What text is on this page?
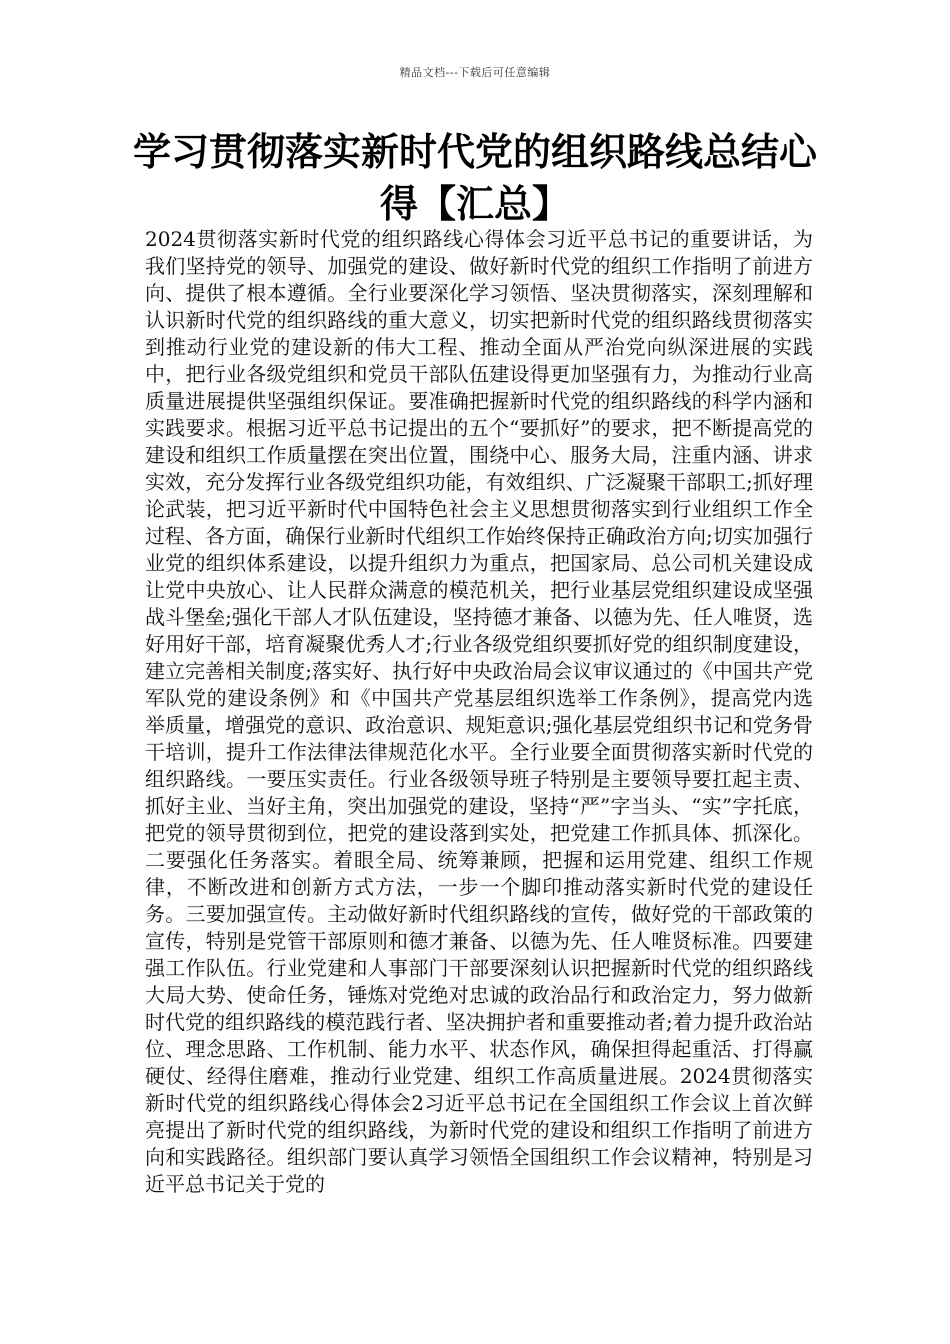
精品文档---下载后可任意编辑
学习贯彻落实新时代党的组织路线总结心得【汇总】

2024贯彻落实新时代党的组织路线心得体会习近平总书记的重要讲话，为我们坚持党的领导、加强党的建设、做好新时代党的组织工作指明了前进方向、提供了根本遵循。全行业要深化学习领悟、坚决贯彻落实，深刻理解和认识新时代党的组织路线的重大意义，切实把新时代党的组织路线贯彻落实到推动行业党的建设新的伟大工程、推动全面从严治党向纵深进展的实践中，把行业各级党组织和党员干部队伍建设得更加坚强有力，为推动行业高质量进展提供坚强组织保证。要准确把握新时代党的组织路线的科学内涵和实践要求。根据习近平总书记提出的五个“要抓好”的要求，把不断提高党的建设和组织工作质量摆在突出位置，围绕中心、服务大局，注重内涵、讲求实效，充分发挥行业各级党组织功能，有效组织、广泛凝聚干部职工;抓好理论武装，把习近平新时代中国特色社会主义思想贯彻落实到行业组织工作全过程、各方面，确保行业新时代组织工作始终保持正确政治方向;切实加强行业党的组织体系建设，以提升组织力为重点，把国家局、总公司机关建设成让党中央放心、让人民群众满意的模范机关，把行业基层党组织建设成坚强战斗堡垒;强化干部人才队伍建设，坚持德才兼备、以德为先、任人唯贤，选好用好干部，培育凝聚优秀人才;行业各级党组织要抓好党的组织制度建设，建立完善相关制度;落实好、执行好中央政治局会议审议通过的《中国共产党军队党的建设条例》和《中国共产党基层组织选举工作条例》，提高党内选举质量，增强党的意识、政治意识、规矩意识;强化基层党组织书记和党务骨干培训，提升工作法律法律规范化水平。全行业要全面贯彻落实新时代党的组织路线。一要压实责任。行业各级领导班子特别是主要领导要扛起主责、抓好主业、当好主角，突出加强党的建设，坚持“严”字当头、“实”字托底，把党的领导贯彻到位，把党的建设落到实处，把党建工作抓具体、抓深化。二要强化任务落实。着眼全局、统筹兼顾，把握和运用党建、组织工作规律，不断改进和创新方式方法，一步一个脚印推动落实新时代党的建设任务。三要加强宣传。主动做好新时代组织路线的宣传，做好党的干部政策的宣传，特别是党管干部原则和德才兼备、以德为先、任人唯贤标准。四要建强工作队伍。行业党建和人事部门干部要深刻认识把握新时代党的组织路线大局大势、使命任务，锤炼对党绝对忠诚的政治品行和政治定力，努力做新时代党的组织路线的模范践行者、坚决拥护者和重要推动者;着力提升政治站位、理念思路、工作机制、能力水平、状态作风，确保担得起重活、打得赢硬仗、经得住磨难，推动行业党建、组织工作高质量进展。2024贯彻落实新时代党的组织路线心得体会2习近平总书记在全国组织工作会议上首次鲜亮提出了新时代党的组织路线，为新时代党的建设和组织工作指明了前进方向和实践路径。组织部门要认真学习领悟全国组织工作会议精神，特别是习近平总书记关于党的
